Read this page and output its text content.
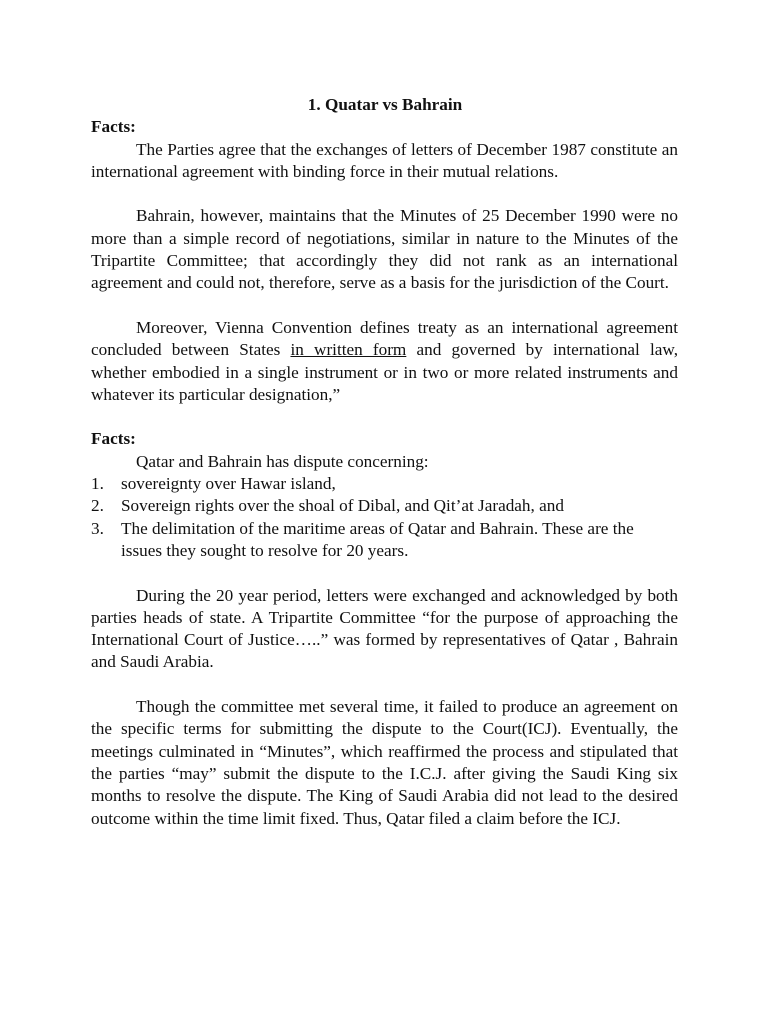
1. Quatar vs Bahrain

Facts:

The Parties agree that the exchanges of letters of December 1987 constitute an international agreement with binding force in their mutual relations.

Bahrain, however, maintains that the Minutes of 25 December 1990 were no more than a simple record of negotiations, similar in nature to the Minutes of the Tripartite Committee; that accordingly they did not rank as an international agreement and could not, therefore, serve as a basis for the jurisdiction of the Court.

Moreover, Vienna Convention defines treaty as an international agreement concluded between States in written form and governed by international law, whether embodied in a single instrument or in two or more related instruments and whatever its particular designation,”

Facts:

Qatar and Bahrain has dispute concerning:

1. sovereignty over Hawar island,
2. Sovereign rights over the shoal of Dibal, and Qit’at Jaradah, and
3. The delimitation of the maritime areas of Qatar and Bahrain. These are the issues they sought to resolve for 20 years.

During the 20 year period, letters were exchanged and acknowledged by both parties heads of state. A Tripartite Committee “for the purpose of approaching the International Court of Justice…..” was formed by representatives of Qatar , Bahrain and Saudi Arabia.

Though the committee met several time, it failed to produce an agreement on the specific terms for submitting the dispute to the Court(ICJ). Eventually, the meetings culminated in “Minutes”, which reaffirmed the process and stipulated that the parties “may” submit the dispute to the I.C.J. after giving the Saudi King six months to resolve the dispute. The King of Saudi Arabia did not lead to the desired outcome within the time limit fixed. Thus, Qatar filed a claim before the ICJ.
